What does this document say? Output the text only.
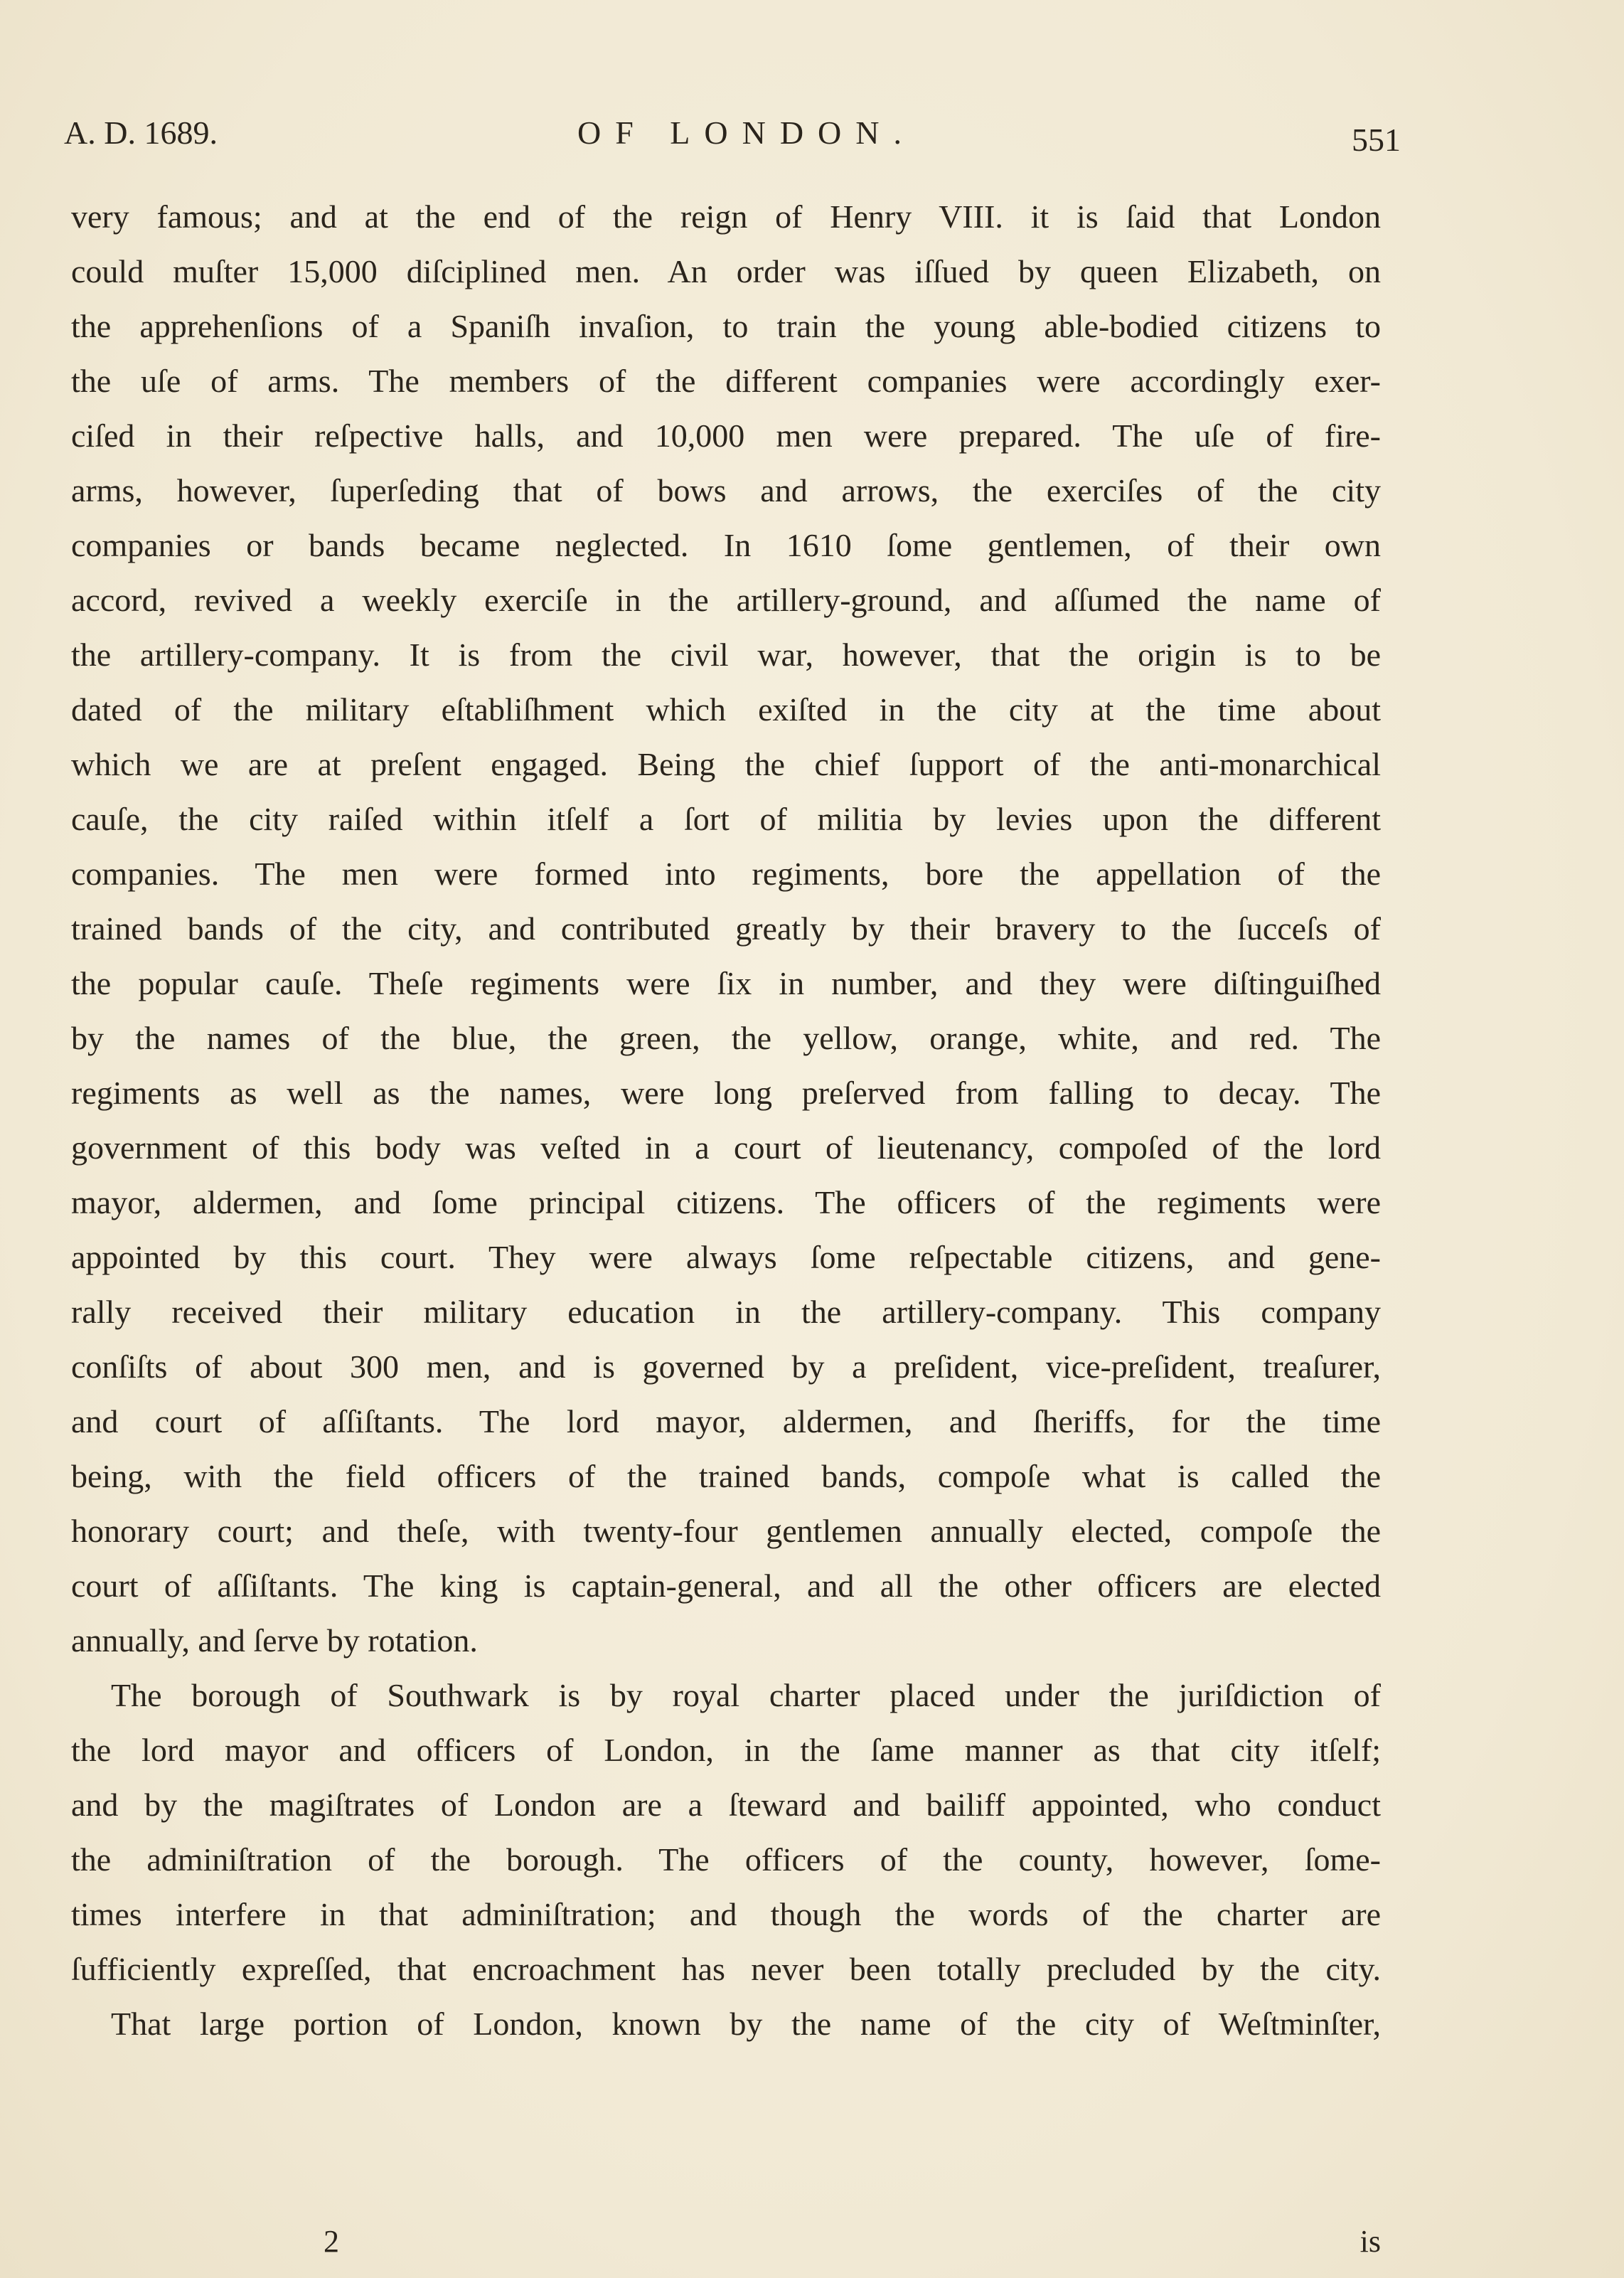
A. D. 1689.	OF LONDON.	551
very famous; and at the end of the reign of Henry VIII. it is ſaid that London
could muſter 15,000 diſciplined men. An order was iſſued by queen Elizabeth, on
the apprehenſions of a Spaniſh invaſion, to train the young able-bodied citizens to
the uſe of arms. The members of the different companies were accordingly exer-
ciſed in their reſpective halls, and 10,000 men were prepared. The uſe of fire-
arms, however, ſuperſeding that of bows and arrows, the exerciſes of the city
companies or bands became neglected. In 1610 ſome gentlemen, of their own
accord, revived a weekly exerciſe in the artillery-ground, and aſſumed the name of
the artillery-company. It is from the civil war, however, that the origin is to be
dated of the military eſtabliſhment which exiſted in the city at the time about
which we are at preſent engaged. Being the chief ſupport of the anti-monarchical
cauſe, the city raiſed within itſelf a ſort of militia by levies upon the different
companies. The men were formed into regiments, bore the appellation of the
trained bands of the city, and contributed greatly by their bravery to the ſucceſs of
the popular cauſe. Theſe regiments were ſix in number, and they were diſtinguiſhed
by the names of the blue, the green, the yellow, orange, white, and red. The
regiments as well as the names, were long preſerved from falling to decay. The
government of this body was veſted in a court of lieutenancy, compoſed of the lord
mayor, aldermen, and ſome principal citizens. The officers of the regiments were
appointed by this court. They were always ſome reſpectable citizens, and gene-
rally received their military education in the artillery-company. This company
conſiſts of about 300 men, and is governed by a preſident, vice-preſident, treaſurer,
and court of aſſiſtants. The lord mayor, aldermen, and ſheriffs, for the time
being, with the field officers of the trained bands, compoſe what is called the
honorary court; and theſe, with twenty-four gentlemen annually elected, compoſe the
court of aſſiſtants. The king is captain-general, and all the other officers are elected
annually, and ſerve by rotation.
The borough of Southwark is by royal charter placed under the juriſdiction of
the lord mayor and officers of London, in the ſame manner as that city itſelf;
and by the magiſtrates of London are a ſteward and bailiff appointed, who conduct
the adminiſtration of the borough. The officers of the county, however, ſome-
times interfere in that adminiſtration; and though the words of the charter are
ſufficiently expreſſed, that encroachment has never been totally precluded by the city.
That large portion of London, known by the name of the city of Weſtminſter,
2	is
